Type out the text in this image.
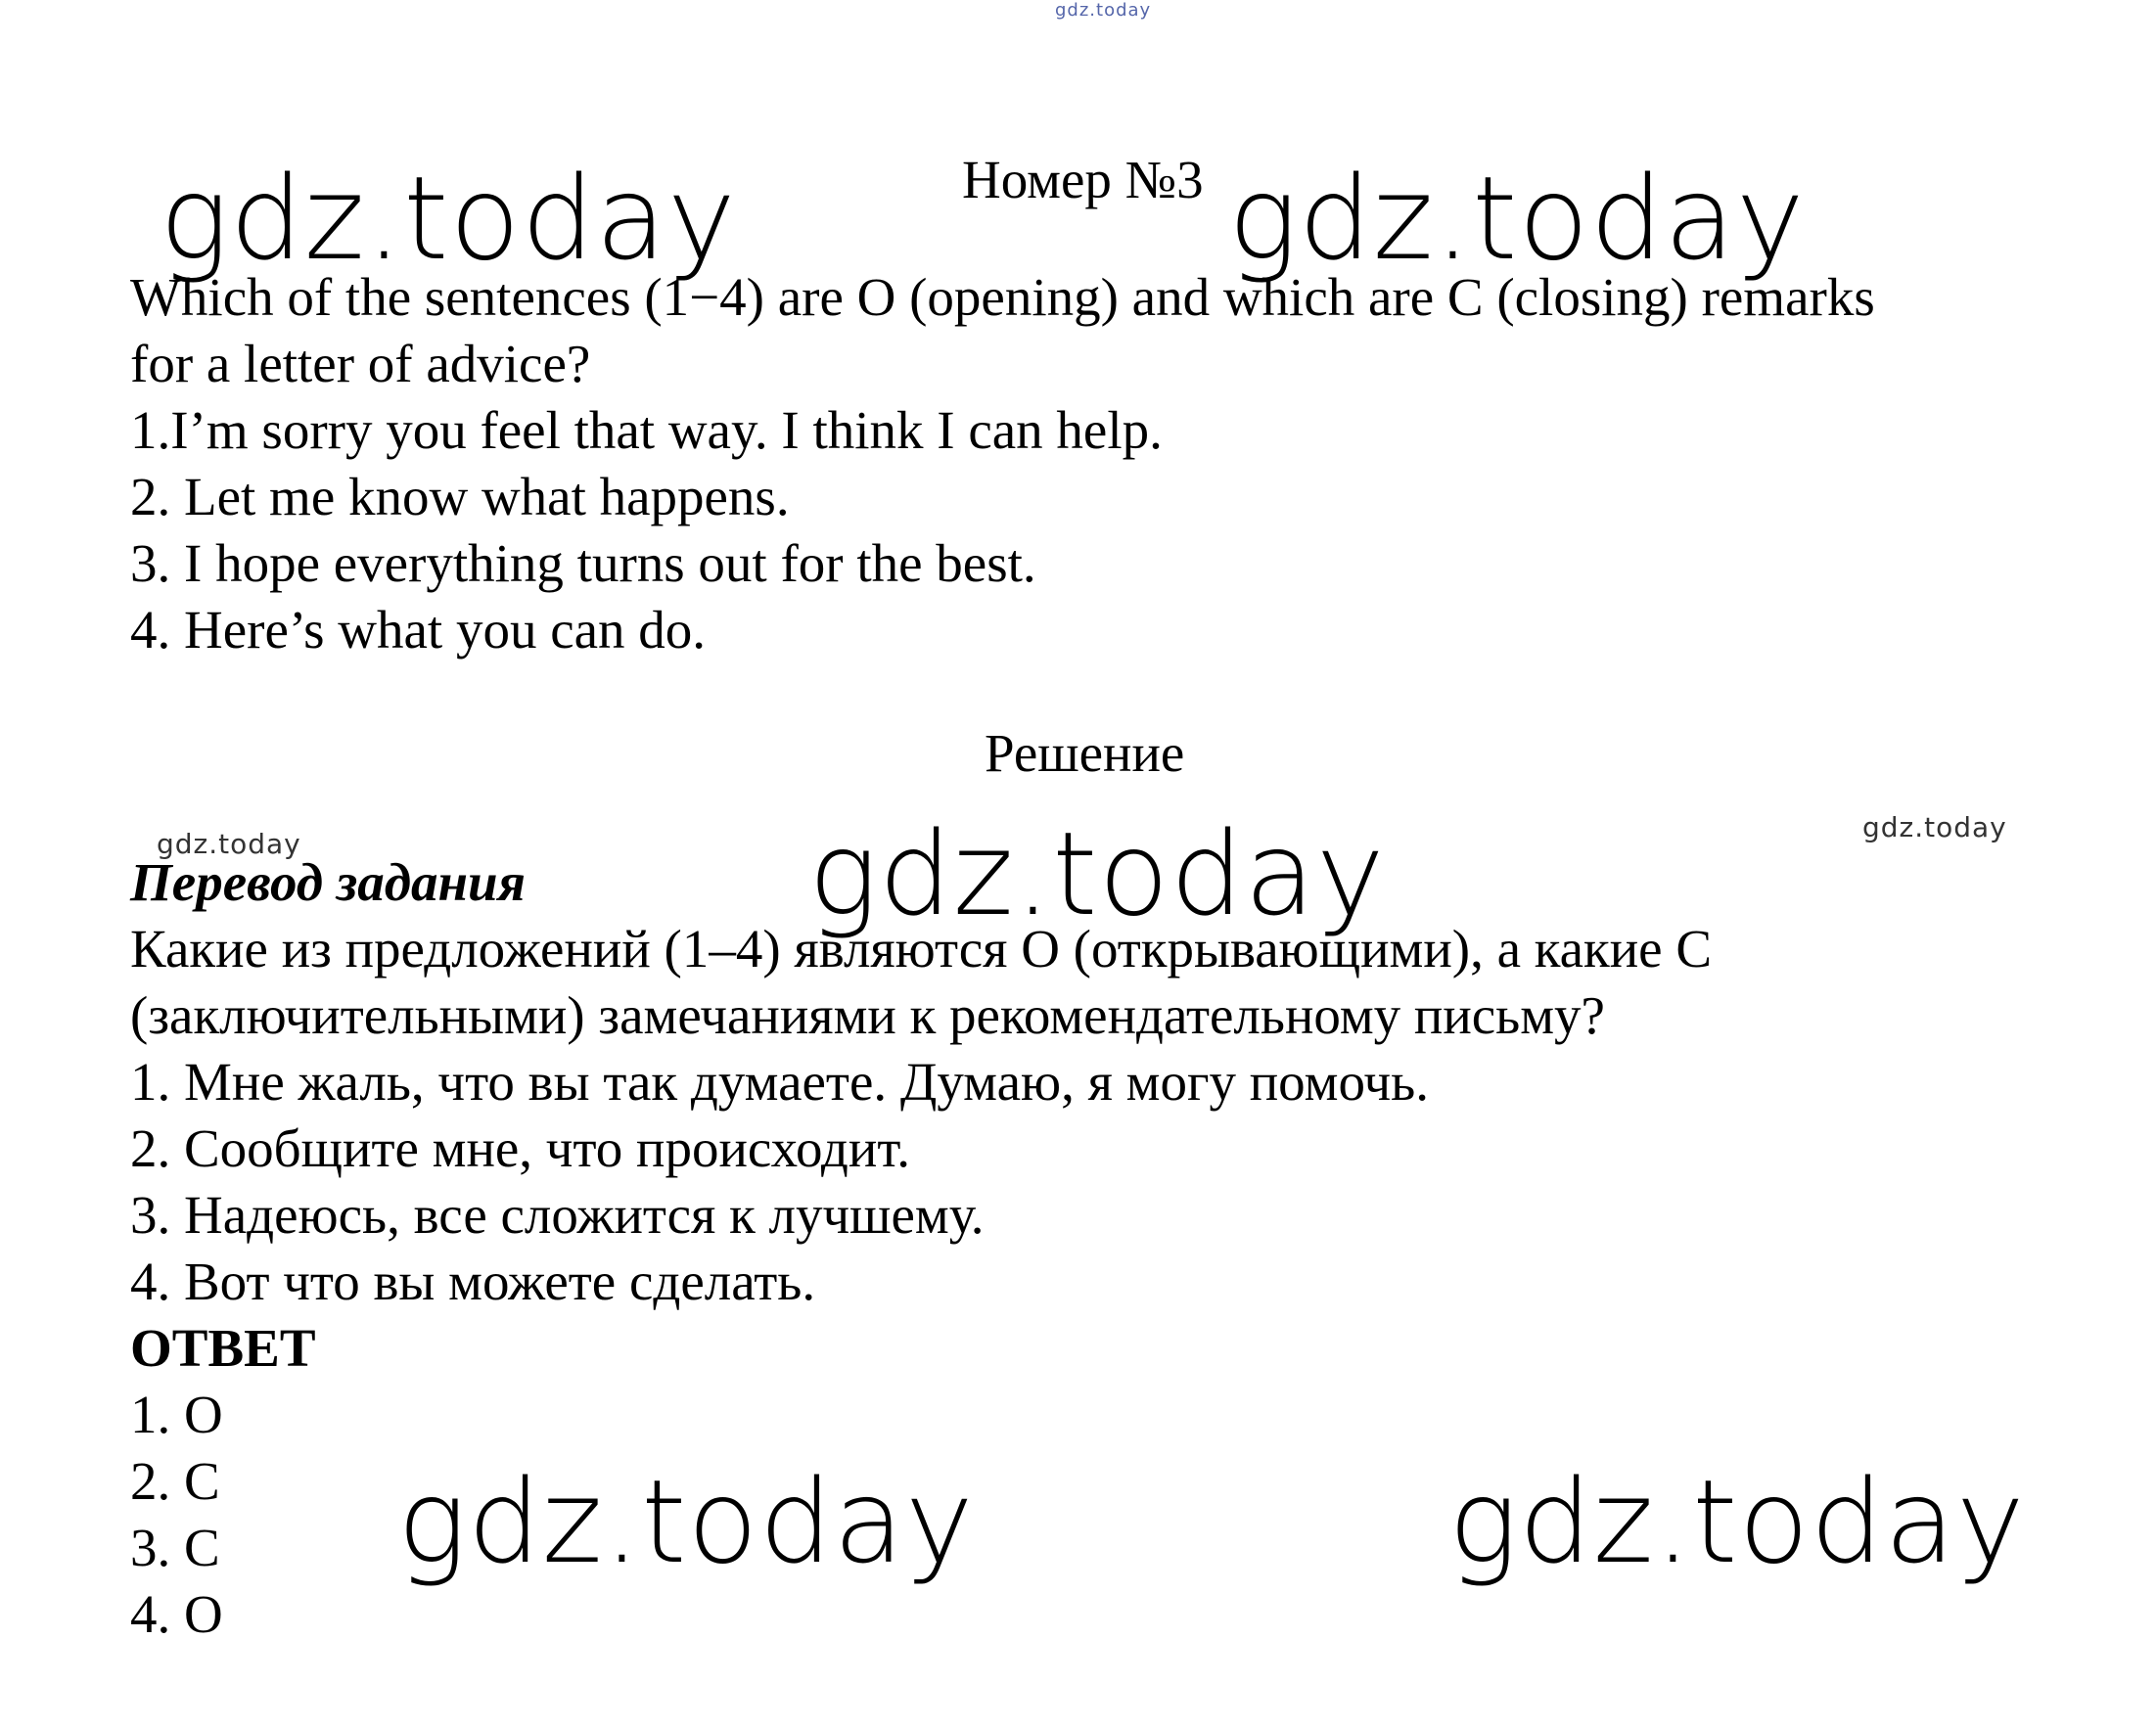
gdz.today
gdz.today	gdz.today
gdz.today
gdz.today
gdz.today
gdz.today	gdz.today
Номер №3
Which of the sentences (1−4) are O (opening) and which are C (closing) remarks
for a letter of advice?
1.I’m sorry you feel that way. I think I can help.
2. Let me know what happens.
3. I hope everything turns out for the best.
4. Here’s what you can do.
Решение
Перевод задания
Какие из предложений (1–4) являются O (открывающими), а какие C
(заключительными) замечаниями к рекомендательному письму?
1. Мне жаль, что вы так думаете. Думаю, я могу помочь.
2. Сообщите мне, что происходит.
3. Надеюсь, все сложится к лучшему.
4. Вот что вы можете сделать.
ОТВЕТ
1. O
2. C
3. C
4. O
